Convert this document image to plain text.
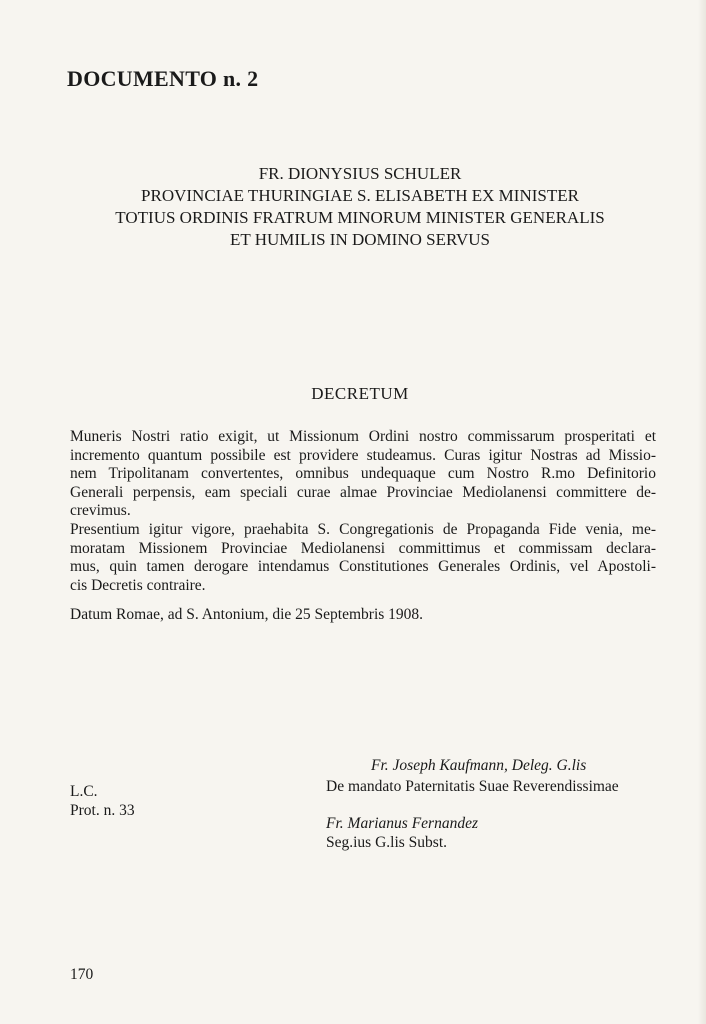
DOCUMENTO n. 2
FR. DIONYSIUS SCHULER
PROVINCIAE THURINGIAE S. ELISABETH EX MINISTER
TOTIUS ORDINIS FRATRUM MINORUM MINISTER GENERALIS
ET HUMILIS IN DOMINO SERVUS
DECRETUM
Muneris Nostri ratio exigit, ut Missionum Ordini nostro commissarum prosperitati et
incremento quantum possibile est providere studeamus. Curas igitur Nostras ad Missio-
nem Tripolitanam convertentes, omnibus undequaque cum Nostro R.mo Definitorio
Generali perpensis, eam speciali curae almae Provinciae Mediolanensi committere de-
crevimus.
Presentium igitur vigore, praehabita S. Congregationis de Propaganda Fide venia, me-
moratam Missionem Provinciae Mediolanensi committimus et commissam declara-
mus, quin tamen derogare intendamus Constitutiones Generales Ordinis, vel Apostoli-
cis Decretis contraire.
Datum Romae, ad S. Antonium, die 25 Septembris 1908.
Fr. Joseph Kaufmann, Deleg. G.lis
De mandato Paternitatis Suae Reverendissimae
L.C.
Prot. n. 33
Fr. Marianus Fernandez
Seg.ius G.lis Subst.
170
